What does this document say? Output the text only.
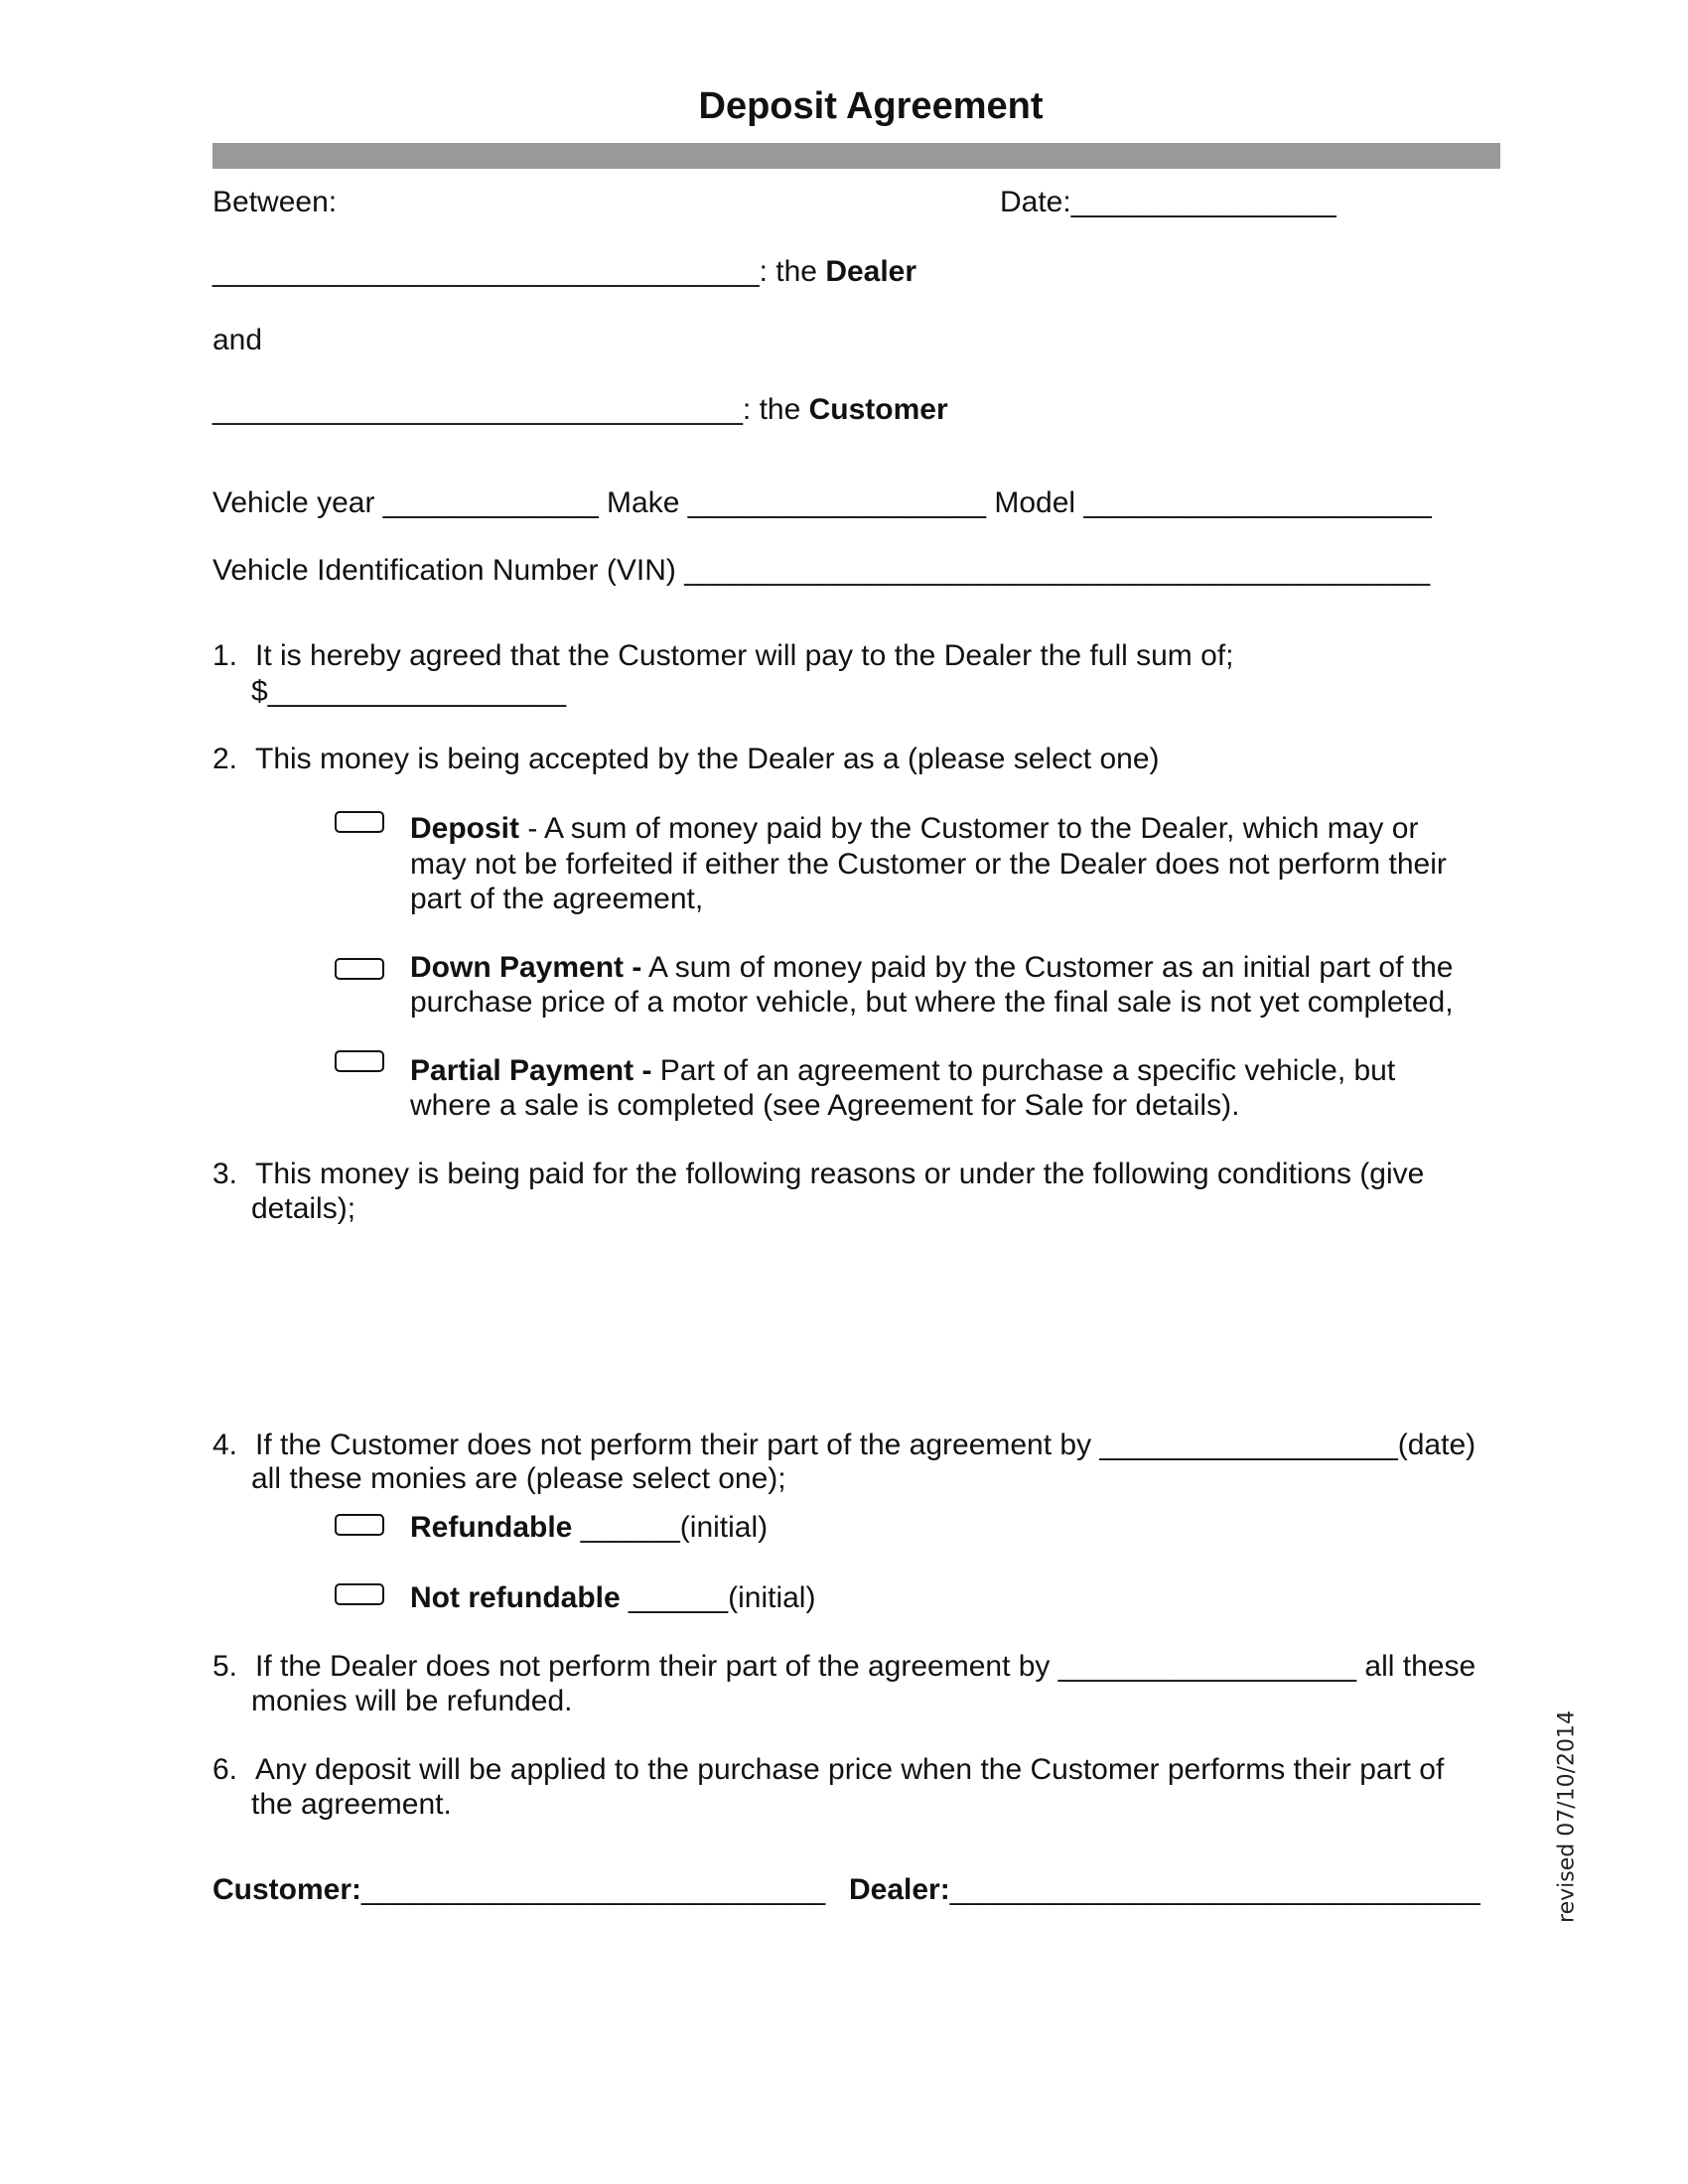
Deposit Agreement
Between:	Date:________________
_________________________________: the Dealer
and
________________________________: the Customer
Vehicle year _____________ Make __________________ Model _____________________
Vehicle Identification Number (VIN) _____________________________________________
1. It is hereby agreed that the Customer will pay to the Dealer the full sum of;
$__________________
2. This money is being accepted by the Dealer as a (please select one)
Deposit - A sum of money paid by the Customer to the Dealer, which may or
may not be forfeited if either the Customer or the Dealer does not perform their
part of the agreement,
Down Payment - A sum of money paid by the Customer as an initial part of the
purchase price of a motor vehicle, but where the final sale is not yet completed,
Partial Payment - Part of an agreement to purchase a specific vehicle, but
where a sale is completed (see Agreement for Sale for details).
3. This money is being paid for the following reasons or under the following conditions (give
details);
4. If the Customer does not perform their part of the agreement by __________________(date)
all these monies are (please select one);
Refundable ______(initial)
Not refundable ______(initial)
5. If the Dealer does not perform their part of the agreement by __________________ all these
monies will be refunded.
6. Any deposit will be applied to the purchase price when the Customer performs their part of
the agreement.
Customer:____________________________ Dealer:________________________________	revised 07/10/2014
